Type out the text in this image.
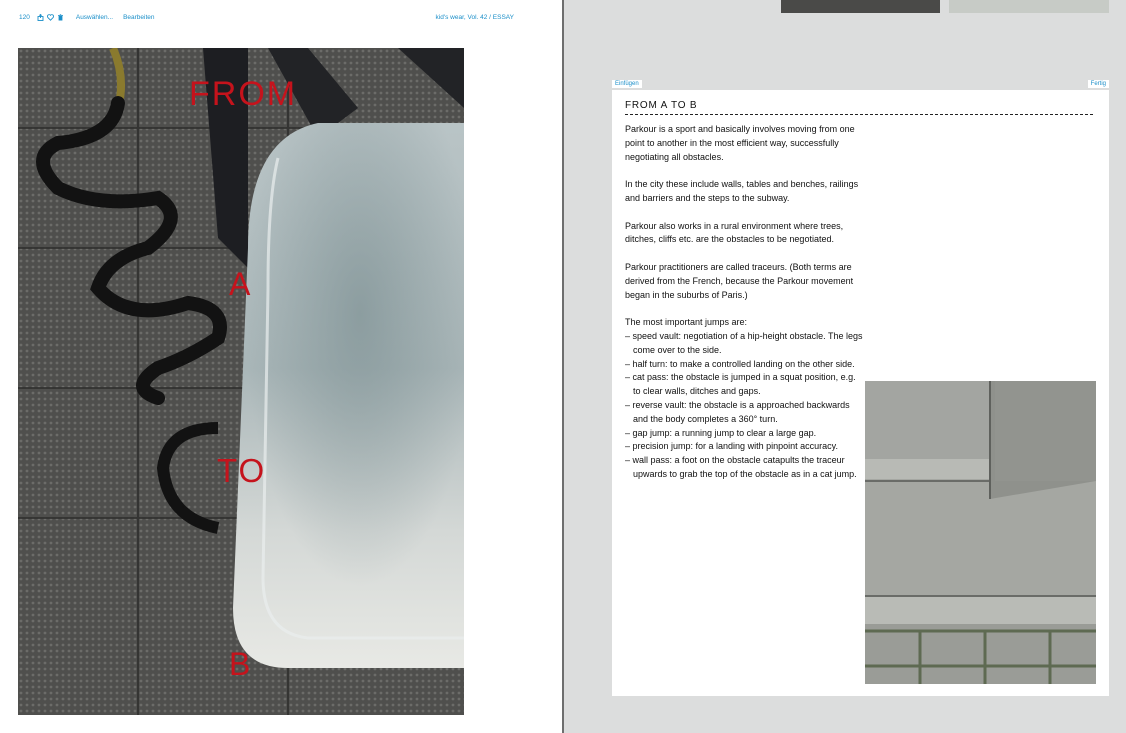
120	Auswählen... Bearbeiten	kid's wear, Vol. 42 / ESSAY
FROM
A
TO
B
Einfügen	Fertig
FROM A TO B

Parkour is a sport and basically involves moving from one point to another in the most efficient way, successfully negotiating all obstacles.

In the city these include walls, tables and benches, railings and barriers and the steps to the subway.

Parkour also works in a rural environment where trees, ditches, cliffs etc. are the obstacles to be negotiated.

Parkour practitioners are called traceurs. (Both terms are derived from the French, because the Parkour movement began in the suburbs of Paris.)

The most important jumps are:
– speed vault: negotiation of a hip-height obstacle. The legs come over to the side.
– half turn: to make a controlled landing on the other side.
– cat pass: the obstacle is jumped in a squat position, e.g. to clear walls, ditches and gaps.
– reverse vault: the obstacle is a approached backwards and the body completes a 360° turn.
– gap jump: a running jump to clear a large gap.
– precision jump: for a landing with pinpoint accuracy.
– wall pass: a foot on the obstacle catapults the traceur upwards to grab the top of the obstacle as in a cat jump.
